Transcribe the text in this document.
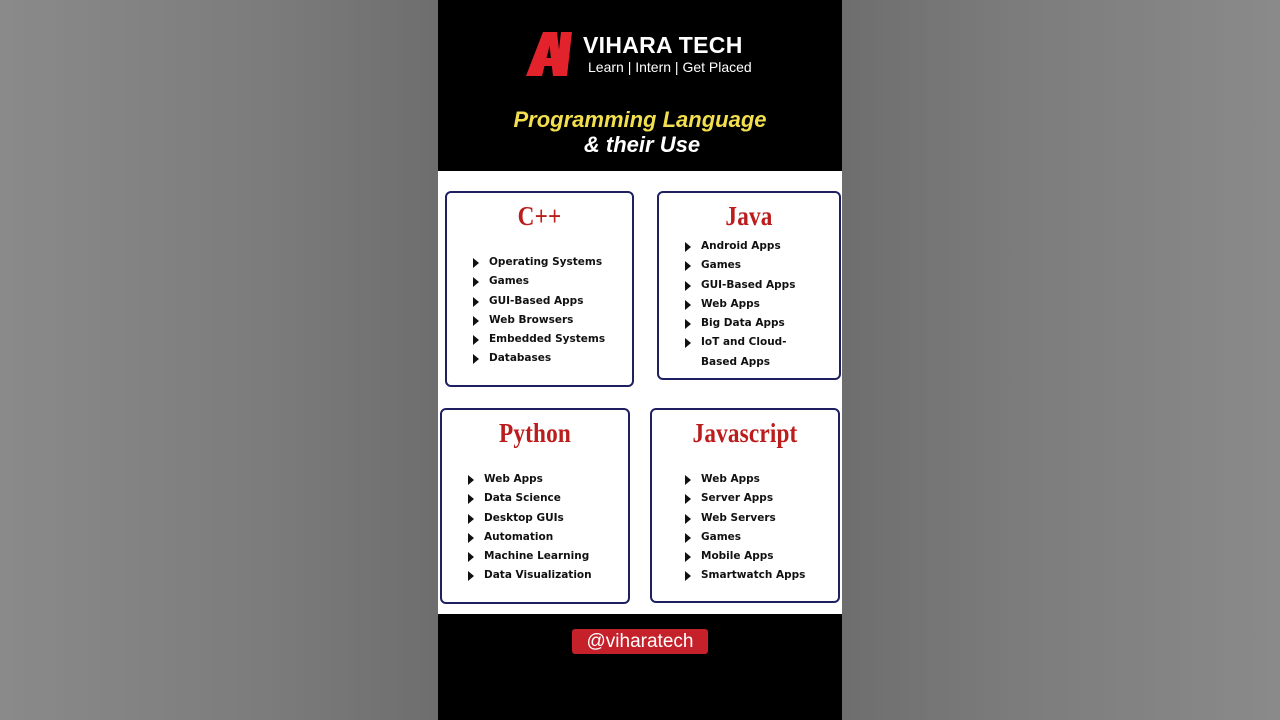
VIHARA TECH
Learn | Intern | Get Placed
Programming Language
& their Use
C++
Operating Systems
Games
GUI-Based Apps
Web Browsers
Embedded Systems
Databases
Java
Android Apps
Games
GUI-Based Apps
Web Apps
Big Data Apps
IoT and Cloud-
Based Apps
Python
Web Apps
Data Science
Desktop GUIs
Automation
Machine Learning
Data Visualization
Javascript
Web Apps
Server Apps
Web Servers
Games
Mobile Apps
Smartwatch Apps
@viharatech
